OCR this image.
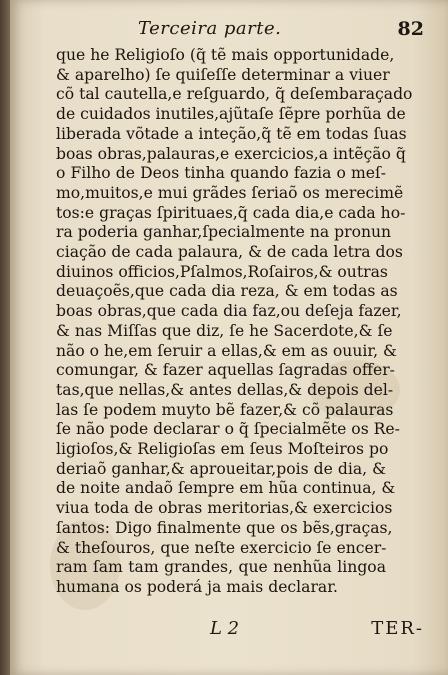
Terceira parte.	82
que he Religioſo (q̃ tẽ mais opportunidade,
& aparelho) ſe quiſeſſe determinar a viuer
cõ tal cautella,e reſguardo, q̃ deſembaraçado
de cuidados inutiles,ajũtaſe ſẽpre porhũa de
liberada võtade a inteção,q̃ tẽ em todas ſuas
boas obras,palauras,e exercicios,a intẽção q̃
o Filho de Deos tinha quando fazia o meſ-
mo,muitos,e mui grãdes ſeriaõ os merecimẽ
tos:e graças ſpirituaes,q̃ cada dia,e cada ho-
ra poderia ganhar,ſpecialmente na pronun
ciação de cada palaura, & de cada letra dos
diuinos officios,Pſalmos,Roſairos,& outras
deuaçoẽs,que cada dia reza, & em todas as
boas obras,que cada dia faz,ou deſeja fazer,
& nas Miſſas que diz, ſe he Sacerdote,& ſe
não o he,em ſeruir a ellas,& em as ouuir, &
comungar, & fazer aquellas ſagradas offer-
tas,que nellas,& antes dellas,& depois del-
las ſe podem muyto bẽ fazer,& cõ palauras
ſe não pode declarar o q̃ ſpecialmẽte os Re-
ligioſos,& Religioſas em ſeus Moſteiros po
deriaõ ganhar,& aproueitar,pois de dia, &
de noite andaõ ſempre em hũa continua, &
viua toda de obras meritorias,& exercicios
ſantos: Digo finalmente que os bẽs,graças,
& theſouros, que neſte exercicio ſe encer-
ram ſam tam grandes, que nenhũa lingoa
humana os poderá ja mais declarar.
L 2	TER-
